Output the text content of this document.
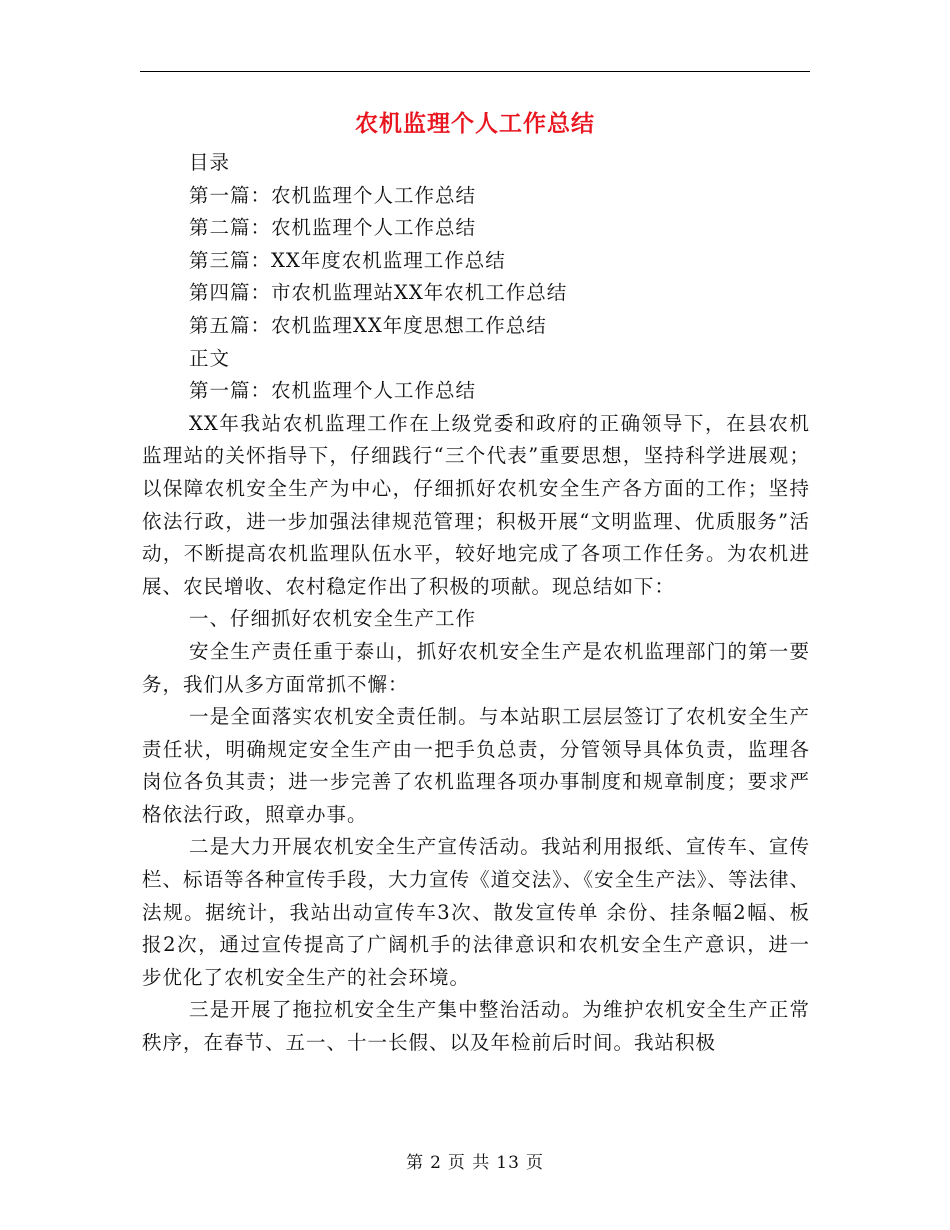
农机监理个人工作总结

目录

第一篇：农机监理个人工作总结

第二篇：农机监理个人工作总结

第三篇：XX年度农机监理工作总结

第四篇：市农机监理站XX年农机工作总结

第五篇：农机监理XX年度思想工作总结

正文

第一篇：农机监理个人工作总结

XX年我站农机监理工作在上级党委和政府的正确领导下，在县农机监理站的关怀指导下，仔细践行“三个代表”重要思想，坚持科学进展观；以保障农机安全生产为中心，仔细抓好农机安全生产各方面的工作；坚持依法行政，进一步加强法律规范管理；积极开展“文明监理、优质服务”活动，不断提高农机监理队伍水平，较好地完成了各项工作任务。为农机进展、农民增收、农村稳定作出了积极的项献。现总结如下：

一、仔细抓好农机安全生产工作

安全生产责任重于泰山，抓好农机安全生产是农机监理部门的第一要务，我们从多方面常抓不懈：

一是全面落实农机安全责任制。与本站职工层层签订了农机安全生产责任状，明确规定安全生产由一把手负总责，分管领导具体负责，监理各岗位各负其责；进一步完善了农机监理各项办事制度和规章制度；要求严格依法行政，照章办事。

二是大力开展农机安全生产宣传活动。我站利用报纸、宣传车、宣传栏、标语等各种宣传手段，大力宣传《道交法》、《安全生产法》、等法律、法规。据统计，我站出动宣传车3次、散发宣传单 余份、挂条幅2幅、板报2次，通过宣传提高了广阔机手的法律意识和农机安全生产意识，进一步优化了农机安全生产的社会环境。

三是开展了拖拉机安全生产集中整治活动。为维护农机安全生产正常秩序，在春节、五一、十一长假、以及年检前后时间。我站积极

第 2 页 共 13 页
